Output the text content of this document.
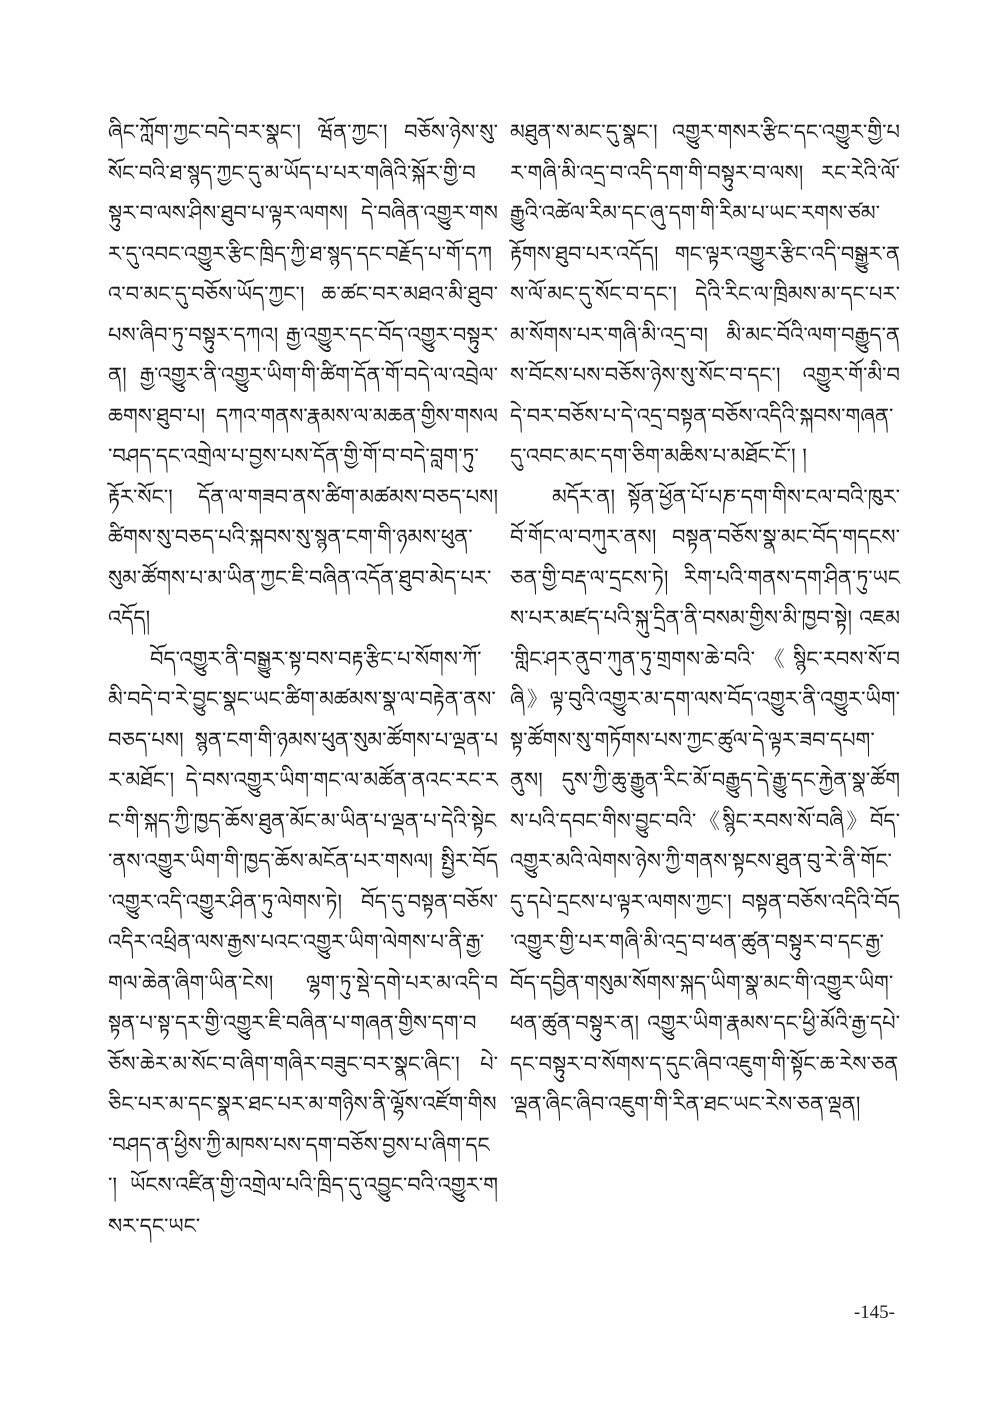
ཞིང་ཀློག་ཀྱང་བདེ་བར་སྣང་། ཝོན་ཀྱང་། བཅོས་ཉེས་སུ་སོང་བའི་ཐ་སྙད་ཀྱང་དུ་མ་ཡོད་པ་པར་གཞིའི་སྐོར་གྱི་བསྟུར་བ་ལས་ཤིས་ཐུབ་པ་ལྟར་ལགས། དེ་བཞིན་འགྱུར་གསར་དུ་འབང་འགྱུར་རྩིང་ཁྲིད་ཀྱི་ཐ་སྙད་དང་བརྗོད་པ་གོ་དཀའ་བ་མང་དུ་བཅོས་ཡོད་ཀྱང་། ཆ་ཚང་བར་མཐའ་མི་ཐུབ་པས་ཞིབ་ཏུ་བསྟུར་དཀའ། རྒྱ་འགྱུར་དང་བོད་འགྱུར་བསྟུར་ན། རྒྱ་འགྱུར་ནི་འགྱུར་ཡིག་གི་ཚིག་དོན་གོ་བདེ་ལ་འབྲེལ་ཆགས་ཐུབ་པ། དཀའ་གནས་རྣམས་ལ་མཆན་གྱིས་གསལ་བཤད་དང་འགྲེལ་པ་བྱས་པས་དོན་གྱི་གོ་བ་བདེ་བླག་ཏུ་རྟོར་སོང་། དོན་ལ་གཟབ་ནས་ཚིག་མཚམས་བཅད་པས། ཚིགས་སུ་བཅད་པའི་སྐབས་སུ་སྙན་ངག་གི་ཉམས་ཕུན་སུམ་ཚོགས་པ་མ་ཡིན་ཀྱང་ཇི་བཞིན་འདོན་ཐུབ་མེད་པར་འདོད།

བོད་འགྱུར་ནི་བསྒྱུར་སྟ་བས་བརྟ་རྩིང་པ་སོགས་ཀོ་མི་བདེ་བ་རེ་བྱུང་སྣང་ཡང་ཚིག་མཚམས་སྣ་ལ་བརྟེན་ནས་བཅད་པས། སྙན་ངག་གི་ཉམས་ཕུན་སུམ་ཚོགས་པ་ལྡན་པར་མཐོང་། དེ་བས་འགྱུར་ཡིག་གང་ལ་མཚོན་ནའང་རང་རང་གི་སྐད་ཀྱི་ཁྱད་ཆོས་ཐུན་མོང་མ་ཡིན་པ་ལྡན་པ་དེའི་སྟེང་ནས་འགྱུར་ཡིག་གི་ཁྱད་ཆོས་མངོན་པར་གསལ། སྤྱིར་བོད་འགྱུར་འདི་འགྱུར་ཤིན་ཏུ་ལེགས་ཏེ། བོད་དུ་བསྟན་བཅོས་འདིར་འཕྲིན་ལས་རྒྱས་པའང་འགྱུར་ཡིག་ལེགས་པ་ནི་རྒྱ་གལ་ཆེན་ཞིག་ཡིན་ངེས། ལྷག་ཏུ་སྡེ་དགེ་པར་མ་འདི་བསྟན་པ་སྟ་དར་གྱི་འགྱུར་ཇི་བཞིན་པ་གཞན་གྱིས་དག་བཅོས་ཆེར་མ་སོང་བ་ཞིག་གཞིར་བཟུང་བར་སྣང་ཞིང་། པེ་ཅིང་པར་མ་དང་སྣར་ཐང་པར་མ་གཉིས་ནི་ལྷོས་འཛོག་གིས་བཤད་ན་ཕྱིས་ཀྱི་མཁས་པས་དག་བཅོས་བྱས་པ་ཞིག་དང་། ཡོངས་འཛིན་གྱི་འགྲེལ་པའི་ཁྲིད་དུ་འབྱུང་བའི་འགྱུར་གསར་དང་ཡང་

མཐུན་ས་མང་དུ་སྣང་། འགྱུར་གསར་རྩིང་དང་འགྱུར་གྱི་པར་གཞི་མི་འདྲ་བ་འདི་དག་གི་བསྟུར་བ་ལས། རང་རེའི་ལོ་རྒྱུའི་འཚེལ་རིམ་དང་ཞུ་དག་གི་རིམ་པ་ཡང་རགས་ཙམ་རྟོགས་ཐུབ་པར་འདོད། གང་ལྟར་འགྱུར་རྩིང་འདི་བསྒྱུར་ནས་ལོ་མང་དུ་སོང་བ་དང་། དེའི་རིང་ལ་ཁྲིམས་མ་དང་པར་མ་སོགས་པར་གཞི་མི་འདྲ་བ། མི་མང་བོའི་ལག་བརྒྱུད་ནས་བོངས་པས་བཅོས་ཉེས་སུ་སོང་བ་དང་། འགྱུར་གོ་མི་བདེ་བར་བཅོས་པ་དེ་འདྲ་བསྟན་བཅོས་འདིའི་སྐབས་གཞན་དུ་འབང་མང་དག་ཅིག་མཆིས་པ་མཐོང་ངོ་། །

མདོར་ན། སྟོན་ཕྱོན་པོ་པཎ་དག་གིས་ངལ་བའི་ཁུར་བོ་གོང་ལ་བཀུར་ནས། བསྟན་བཅོས་སྣ་མང་བོད་གདངས་ཅན་གྱི་བརྡ་ལ་དྲངས་ཏེ། རིག་པའི་གནས་དག་ཤིན་ཏུ་ཡངས་པར་མཛད་པའི་སྐུ་དྲིན་ནི་བསམ་གྱིས་མི་ཁྱབ་སྟེ། འཇམ་གླིང་ཤར་ནུབ་ཀུན་ཏུ་གྲགས་ཆེ་བའི་《སྙིང་རབས་སོ་བཞི》ལྟ་བུའི་འགྱུར་མ་དག་ལས་བོད་འགྱུར་ནི་འགྱུར་ཡིག་སྟ་ཚོགས་སུ་གཏོགས་པས་ཀྱང་ཚུལ་དེ་ལྟར་ཟབ་དཔག་ནུས། དུས་ཀྱི་ཆུ་རྒྱུན་རིང་མོ་བརྒྱུད་དེ་རྒྱུ་དང་རྐྱེན་སྣ་ཚོགས་པའི་དབང་གིས་བྱུང་བའི་《སྙིང་རབས་སོ་བཞི》བོད་འགྱུར་མའི་ལེགས་ཉེས་ཀྱི་གནས་སྟངས་ཐུན་བུ་རེ་ནི་གོང་དུ་དཔེ་དྲངས་པ་ལྟར་ལགས་ཀྱང་། བསྟན་བཅོས་འདིའི་བོད་འགྱུར་གྱི་པར་གཞི་མི་འདྲ་བ་ཕན་ཚུན་བསྟུར་བ་དང་རྒྱ་བོད་དབྱིན་གསུམ་སོགས་སྐད་ཡིག་སྣ་མང་གི་འགྱུར་ཡིག་ཕན་ཚུན་བསྟུར་ན། འགྱུར་ཡིག་རྣམས་དང་ཕྱི་མོའི་རྒྱ་དཔེ་དང་བསྟུར་བ་སོགས་ད་དུང་ཞིབ་འཇུག་གི་སྟོང་ཆ་རེས་ཅན་ལྡན་ཞིང་ཞིབ་འཇུག་གི་རིན་ཐང་ཡང་རེས་ཅན་ལྡན།

-145-
